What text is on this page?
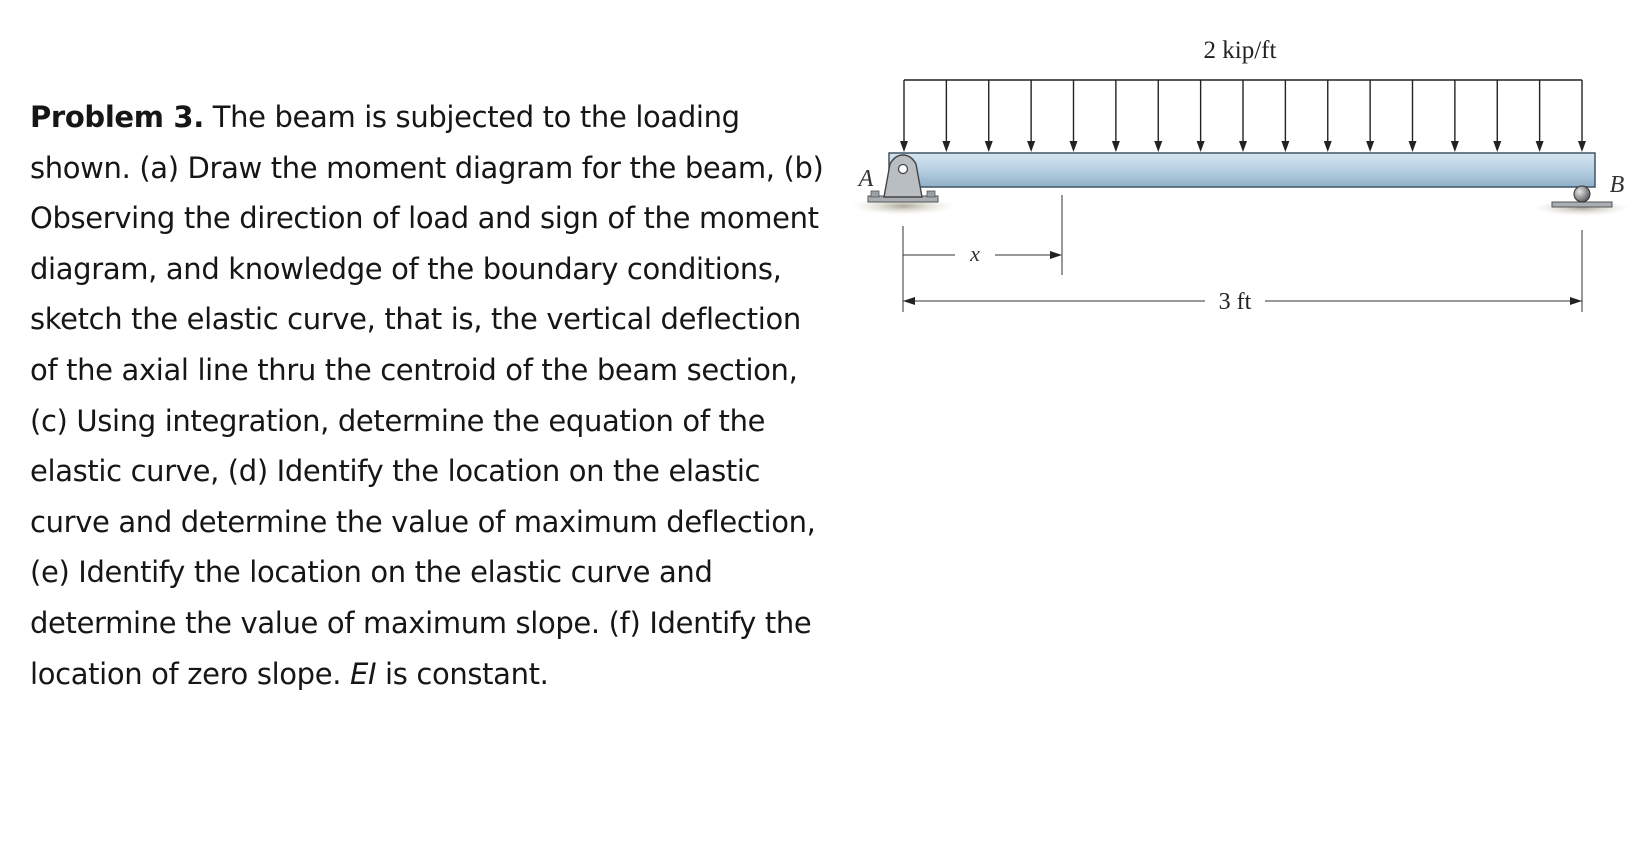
Problem 3. The beam is subjected to the loading shown. (a) Draw the moment diagram for the beam, (b) Observing the direction of load and sign of the moment diagram, and knowledge of the boundary conditions, sketch the elastic curve, that is, the vertical deflection of the axial line thru the centroid of the beam section, (c) Using integration, determine the equation of the elastic curve, (d) Identify the location on the elastic curve and determine the value of maximum deflection, (e) Identify the location on the elastic curve and determine the value of maximum slope. (f) Identify the location of zero slope. EI is constant.
2 kip/ft
A	B
x
3 ft
